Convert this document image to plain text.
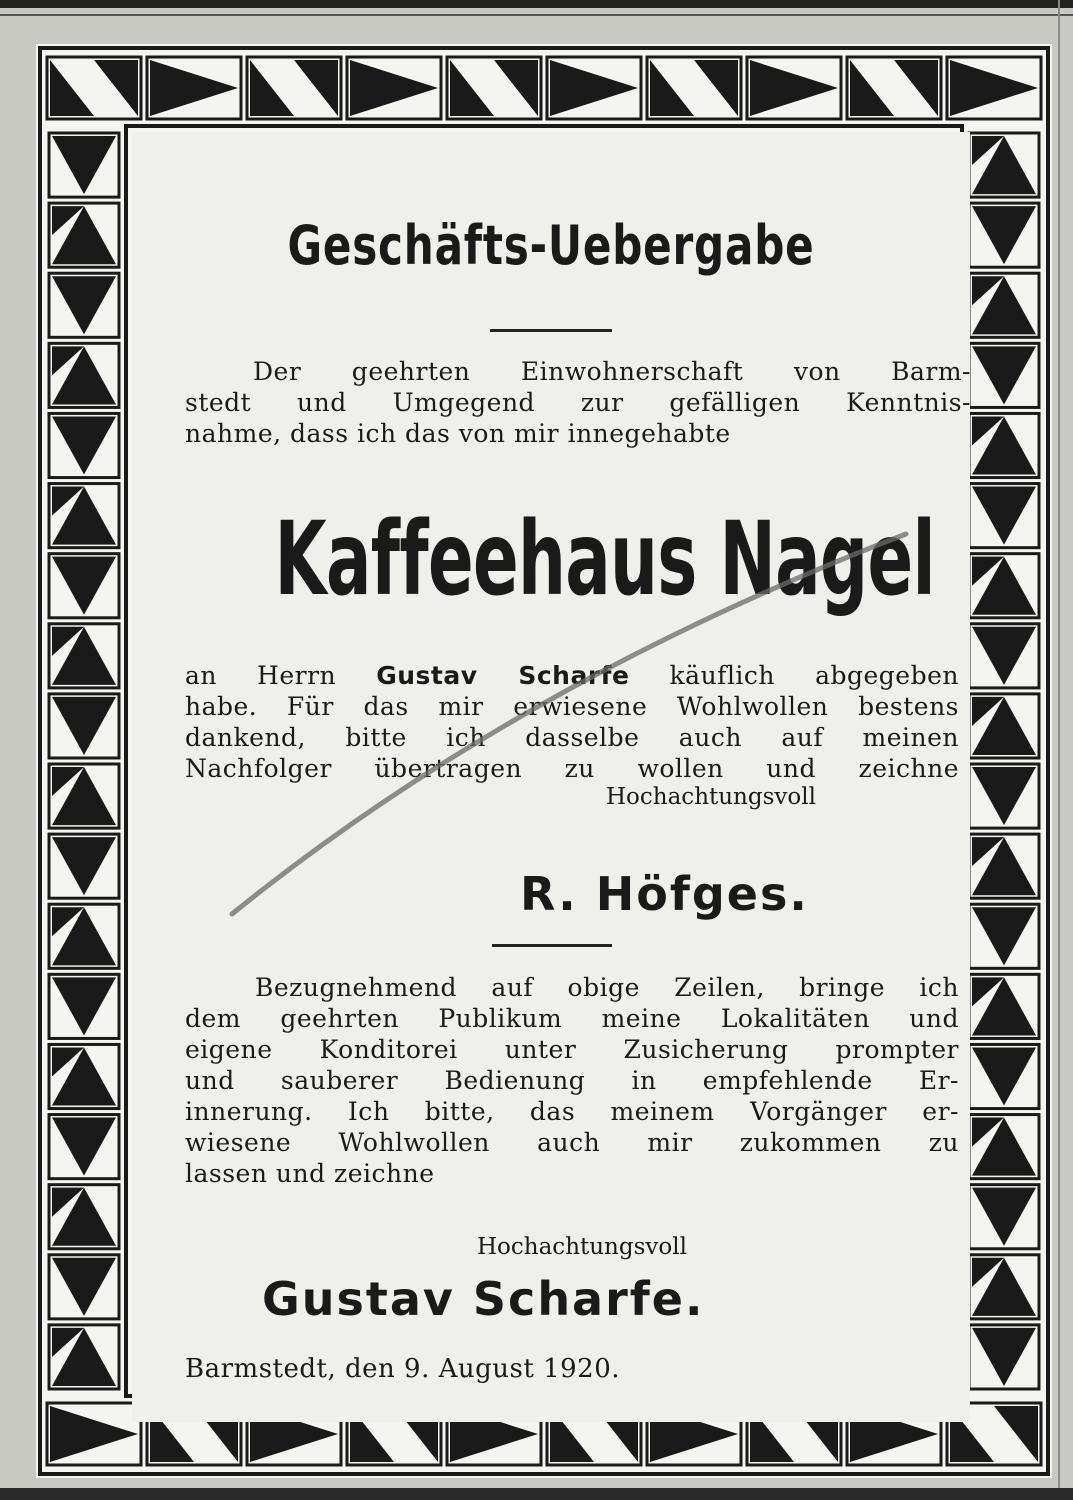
Geschäfts-Uebergabe
Der geehrten Einwohnerschaft von Barm-
stedt und Umgegend zur gefälligen Kenntnis-
nahme, dass ich das von mir innegehabte
Kaffeehaus Nagel
an Herrn Gustav Scharfe käuflich abgegeben
habe. Für das mir erwiesene Wohlwollen bestens
dankend, bitte ich dasselbe auch auf meinen
Nachfolger übertragen zu wollen und zeichne
Hochachtungsvoll
R. Höfges.
Bezugnehmend auf obige Zeilen, bringe ich
dem geehrten Publikum meine Lokalitäten und
eigene Konditorei unter Zusicherung prompter
und sauberer Bedienung in empfehlende Er-
innerung. Ich bitte, das meinem Vorgänger er-
wiesene Wohlwollen auch mir zukommen zu
lassen und zeichne
Hochachtungsvoll
Gustav Scharfe.
Barmstedt, den 9. August 1920.
